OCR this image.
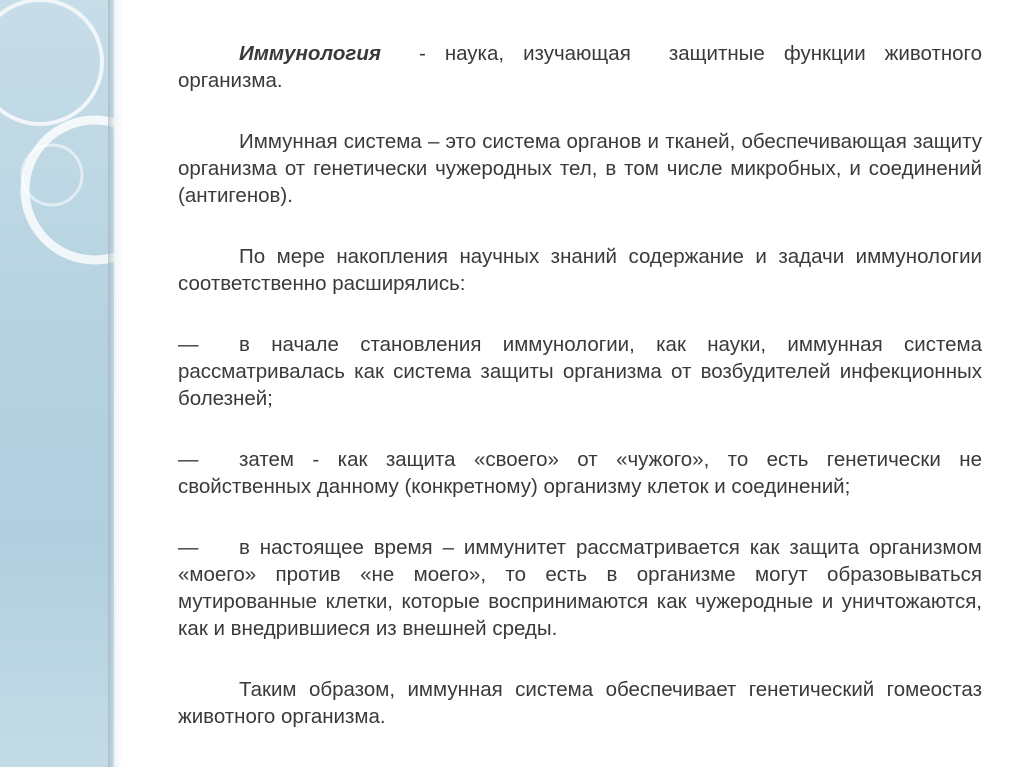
Иммунология  - наука, изучающая  защитные функции животного организма.

Иммунная система – это система органов и тканей, обеспечивающая защиту организма от генетически чужеродных тел, в том числе микробных, и соединений (антигенов).

По мере накопления научных знаний содержание и задачи иммунологии соответственно расширялись:

— в начале становления иммунологии, как науки, иммунная система рассматривалась как система защиты организма от возбудителей инфекционных болезней;

— затем - как защита «своего» от «чужого», то есть генетически не свойственных данному (конкретному) организму клеток и соединений;

— в настоящее время – иммунитет рассматривается как защита организмом «моего» против «не моего», то есть в организме могут образовываться мутированные клетки, которые воспринимаются как чужеродные и уничтожаются, как и внедрившиеся из внешней среды.

Таким образом, иммунная система обеспечивает генетический гомеостаз животного организма.
